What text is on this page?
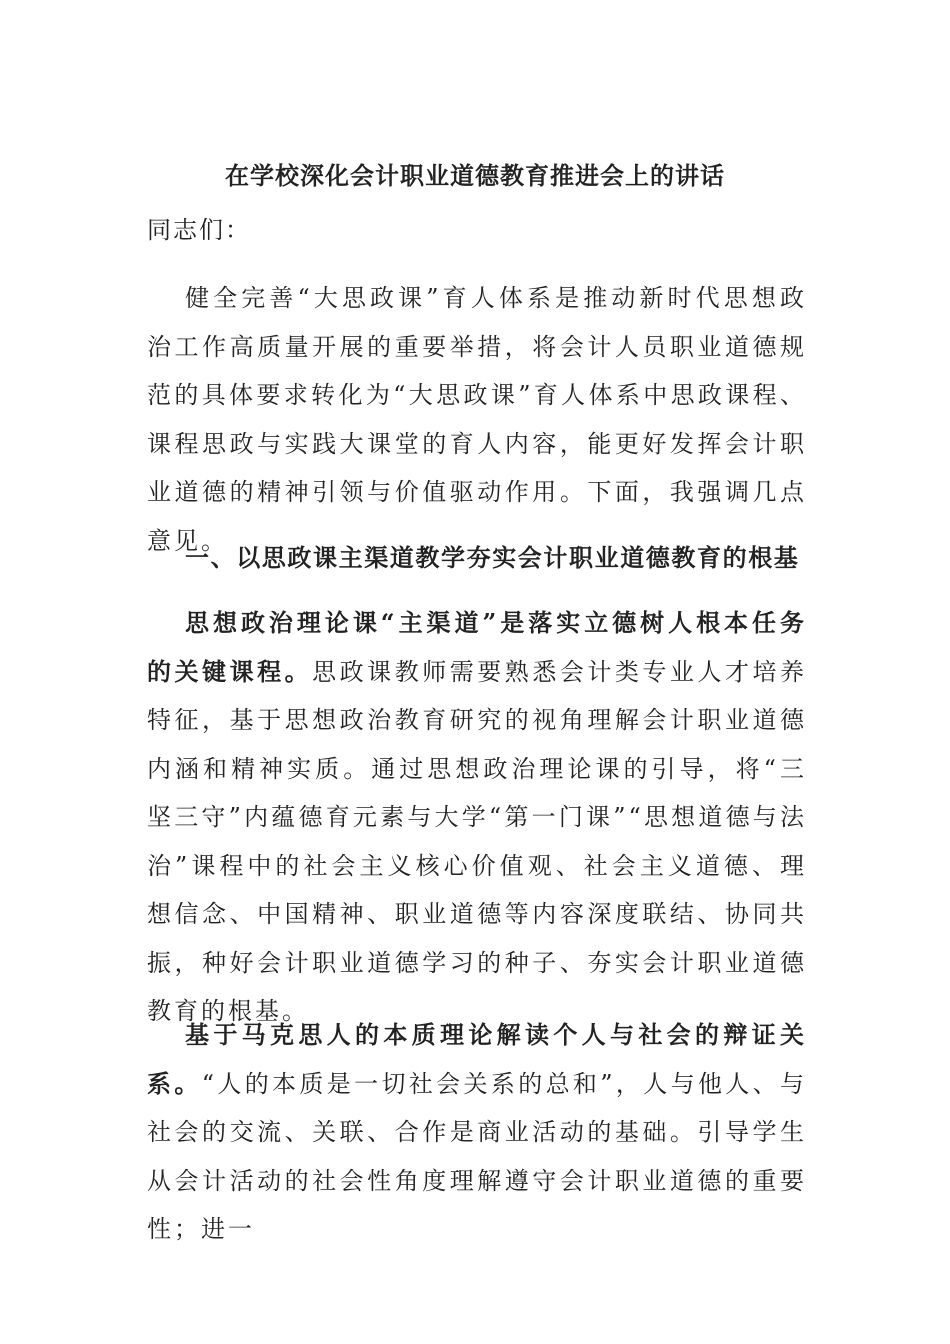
在学校深化会计职业道德教育推进会上的讲话
同志们：

健全完善“大思政课”育人体系是推动新时代思想政治工作高质量开展的重要举措，将会计人员职业道德规范的具体要求转化为“大思政课”育人体系中思政课程、课程思政与实践大课堂的育人内容，能更好发挥会计职业道德的精神引领与价值驱动作用。下面，我强调几点意见。

一、以思政课主渠道教学夯实会计职业道德教育的根基

思想政治理论课“主渠道”是落实立德树人根本任务的关键课程。思政课教师需要熟悉会计类专业人才培养特征，基于思想政治教育研究的视角理解会计职业道德内涵和精神实质。通过思想政治理论课的引导，将“三坚三守”内蕴德育元素与大学“第一门课”“思想道德与法治”课程中的社会主义核心价值观、社会主义道德、理想信念、中国精神、职业道德等内容深度联结、协同共振，种好会计职业道德学习的种子、夯实会计职业道德教育的根基。

基于马克思人的本质理论解读个人与社会的辩证关系。“人的本质是一切社会关系的总和”，人与他人、与社会的交流、关联、合作是商业活动的基础。引导学生从会计活动的社会性角度理解遵守会计职业道德的重要性；进一
